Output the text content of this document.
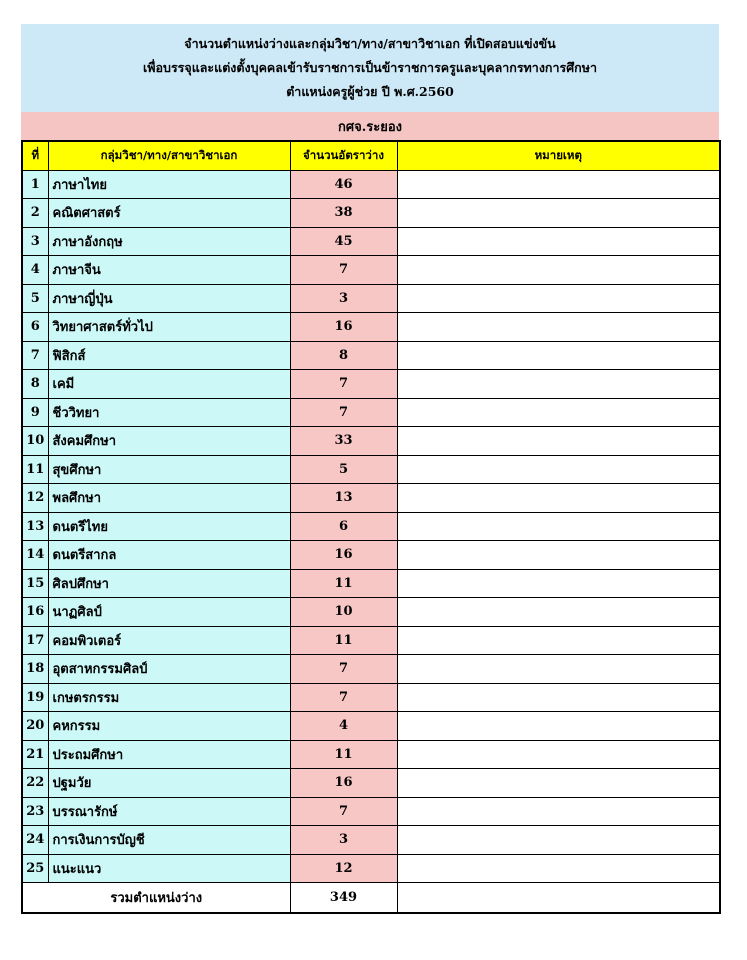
จำนวนตำแหน่งว่างและกลุ่มวิชา/ทาง/สาขาวิชาเอก ที่เปิดสอบแข่งขัน
เพื่อบรรจุและแต่งตั้งบุคคลเข้ารับราชการเป็นข้าราชการครูและบุคลากรทางการศึกษา
ตำแหน่งครูผู้ช่วย ปี พ.ศ.2560
กศจ.ระยอง
ที่	กลุ่มวิชา/ทาง/สาขาวิชาเอก	จำนวนอัตราว่าง	หมายเหตุ
1	ภาษาไทย	46	
2	คณิตศาสตร์	38	
3	ภาษาอังกฤษ	45	
4	ภาษาจีน	7	
5	ภาษาญี่ปุ่น	3	
6	วิทยาศาสตร์ทั่วไป	16	
7	ฟิสิกส์	8	
8	เคมี	7	
9	ชีววิทยา	7	
10	สังคมศึกษา	33	
11	สุขศึกษา	5	
12	พลศึกษา	13	
13	ดนตรีไทย	6	
14	ดนตรีสากล	16	
15	ศิลปศึกษา	11	
16	นาฏศิลป์	10	
17	คอมพิวเตอร์	11	
18	อุตสาหกรรมศิลป์	7	
19	เกษตรกรรม	7	
20	คหกรรม	4	
21	ประถมศึกษา	11	
22	ปฐมวัย	16	
23	บรรณารักษ์	7	
24	การเงินการบัญชี	3	
25	แนะแนว	12	
รวมตำแหน่งว่าง		349	
